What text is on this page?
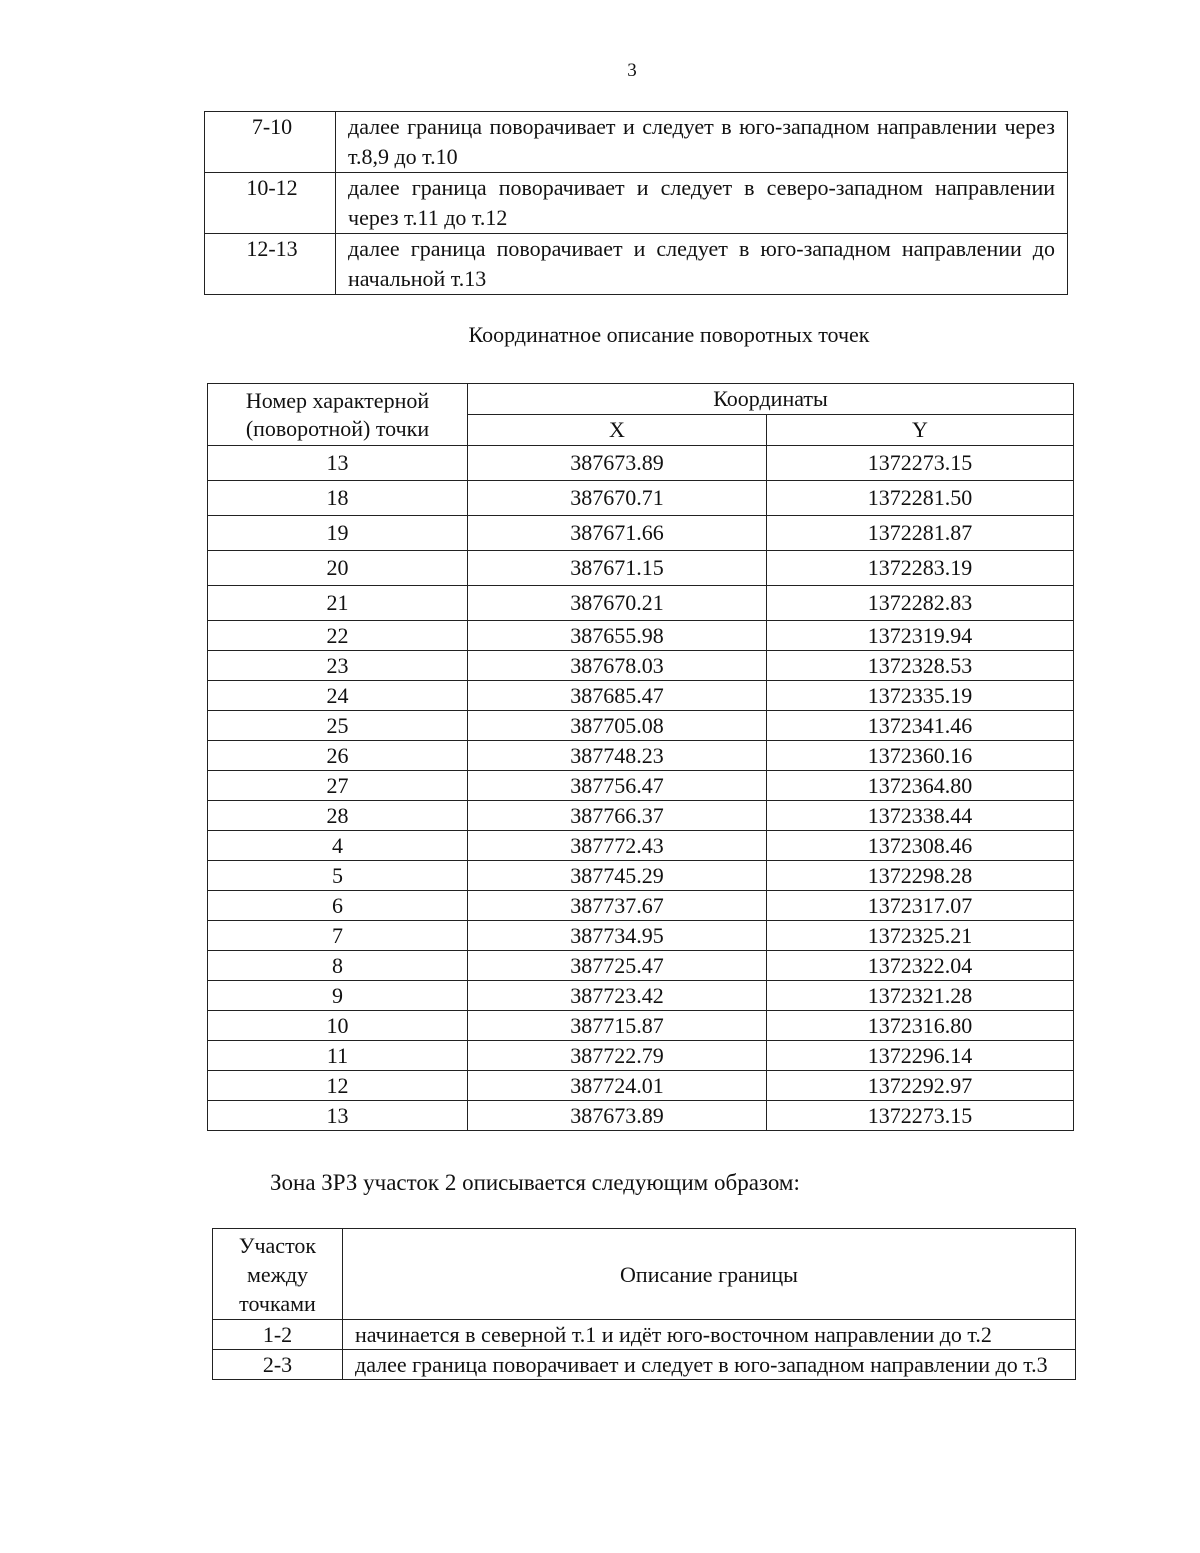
3
7-10	далее граница поворачивает и следует в юго-западном направлении через т.8,9 до т.10
10-12	далее граница поворачивает и следует в северо-западном направлении через т.11 до т.12
12-13	далее граница поворачивает и следует в юго-западном направлении до начальной т.13
Координатное описание поворотных точек
Номер характерной
(поворотной) точки	Координаты	
	X	Y
13	387673.89	1372273.15
18	387670.71	1372281.50
19	387671.66	1372281.87
20	387671.15	1372283.19
21	387670.21	1372282.83
22	387655.98	1372319.94
23	387678.03	1372328.53
24	387685.47	1372335.19
25	387705.08	1372341.46
26	387748.23	1372360.16
27	387756.47	1372364.80
28	387766.37	1372338.44
4	387772.43	1372308.46
5	387745.29	1372298.28
6	387737.67	1372317.07
7	387734.95	1372325.21
8	387725.47	1372322.04
9	387723.42	1372321.28
10	387715.87	1372316.80
11	387722.79	1372296.14
12	387724.01	1372292.97
13	387673.89	1372273.15
Зона ЗРЗ участок 2 описывается следующим образом:
Участок
между
точками	Описание границы
1-2	начинается в северной т.1 и идёт юго-восточном направлении до т.2
2-3	далее граница поворачивает и следует в юго-западном направлении до т.3
